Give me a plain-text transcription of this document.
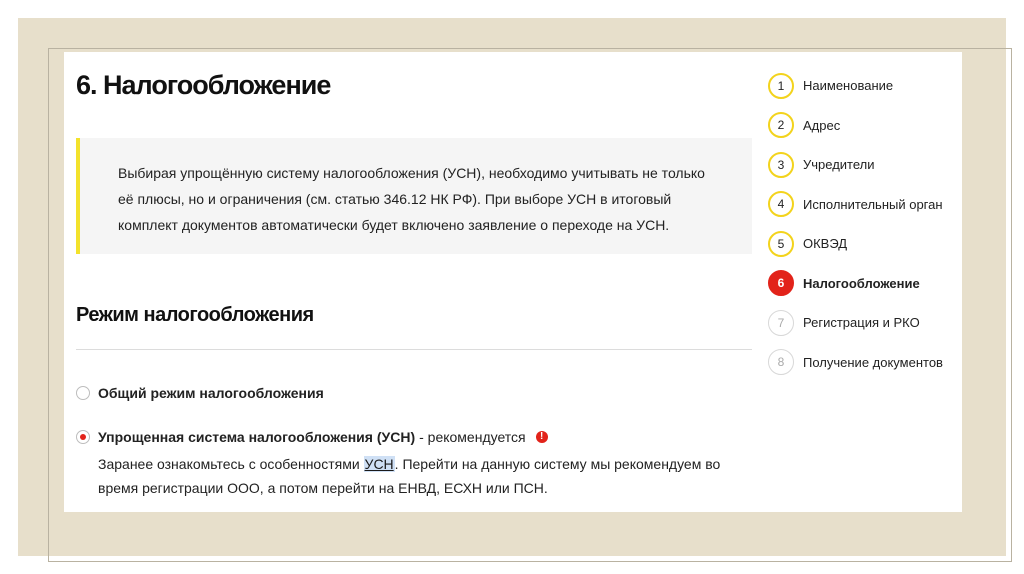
6. Налогообложение
Выбирая упрощённую систему налогообложения (УСН), необходимо учитывать не только её плюсы, но и ограничения (см. статью 346.12 НК РФ). При выборе УСН в итоговый комплект документов автоматически будет включено заявление о переходе на УСН.
Режим налогообложения
Общий режим налогообложения
Упрощенная система налогообложения (УСН) - рекомендуется	!

Заранее ознакомьтесь с особенностями УСН. Перейти на данную систему мы рекомендуем во время регистрации ООО, а потом перейти на ЕНВД, ЕСХН или ПСН.

1	Наименование
2	Адрес
3	Учредители
4	Исполнительный орган
5	ОКВЭД
6	Налогообложение
7	Регистрация и РКО
8	Получение документов
